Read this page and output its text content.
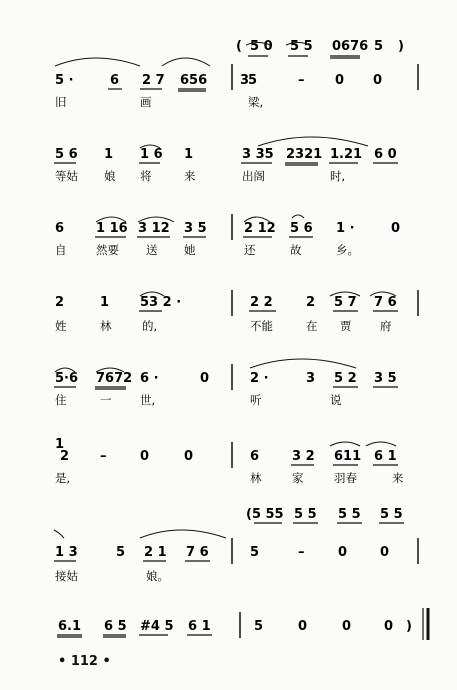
( 5 0 5 5 0676 5 )
5 ·	6 2 7 656	3
5	– 0 0
旧	画	梁,
5 6 1 1 6 1	3 35 2321 1.21 6 0
等姑 娘 将	来	出阁	时,
6 1 16 3 12 3 5	2 12 5 6 1 ·	0
自	然要 送 她	还	故	乡。
2	1 53 2 ·	2 2	2 5 7 7 6
姓	林	的,	不能	在 贾 府
5·6 7672 6 ·	0	2 ·	3 5 2 3 5
住	一 世,	听	说
1
2 –	0	0	6	3 2 611 6 1
是,	林	家	羽春	来
(5 55 5 5 5 5 5 5
1 3	5 2 1 7 6	5	–	0	0
接姑	娘。
6.1 6 5 #4 5 6 1	5	0	0	0 )
• 112 •
